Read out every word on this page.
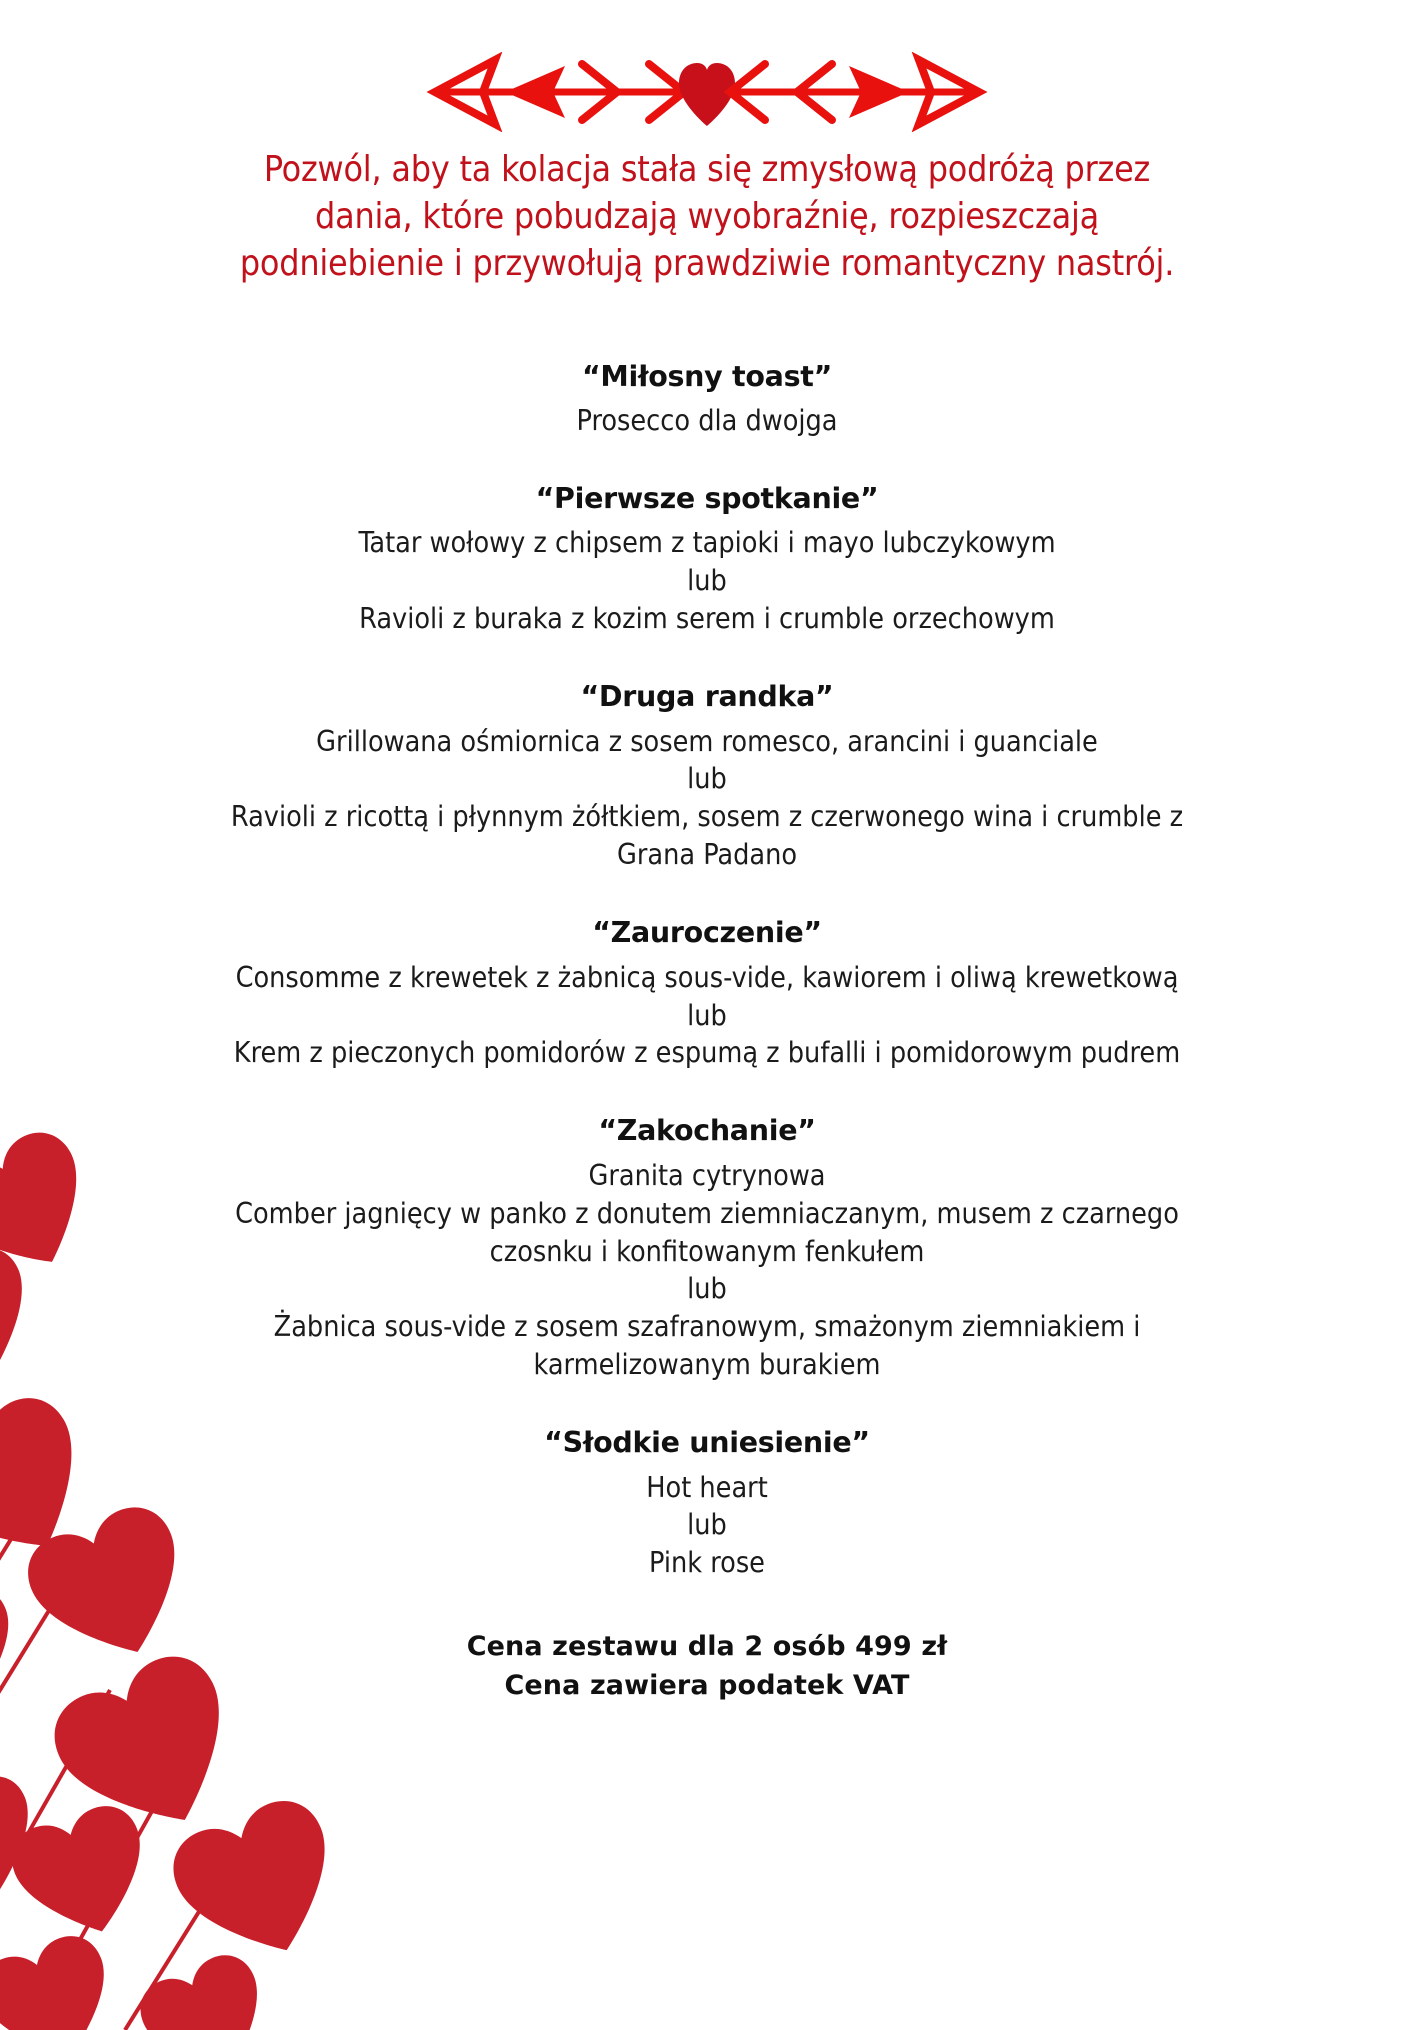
Pozwól, aby ta kolacja stała się zmysłową podróżą przez dania, które pobudzają wyobraźnię, rozpieszczają podniebienie i przywołują prawdziwie romantyczny nastrój.

“Miłosny toast”

Prosecco dla dwojga

“Pierwsze spotkanie”

Tatar wołowy z chipsem z tapioki i mayo lubczykowym

lub

Ravioli z buraka z kozim serem i crumble orzechowym

“Druga randka”

Grillowana ośmiornica z sosem romesco, arancini i guanciale

lub

Ravioli z ricottą i płynnym żółtkiem, sosem z czerwonego wina i crumble z Grana Padano

“Zauroczenie”

Consomme z krewetek z żabnicą sous-vide, kawiorem i oliwą krewetkową

lub

Krem z pieczonych pomidorów z espumą z bufalli i pomidorowym pudrem

“Zakochanie”

Granita cytrynowa

Comber jagnięcy w panko z donutem ziemniaczanym, musem z czarnego czosnku i konfitowanym fenkułem

lub

Żabnica sous-vide z sosem szafranowym, smażonym ziemniakiem i karmelizowanym burakiem

“Słodkie uniesienie”

Hot heart

lub

Pink rose

Cena zestawu dla 2 osób 499 zł

Cena zawiera podatek VAT
